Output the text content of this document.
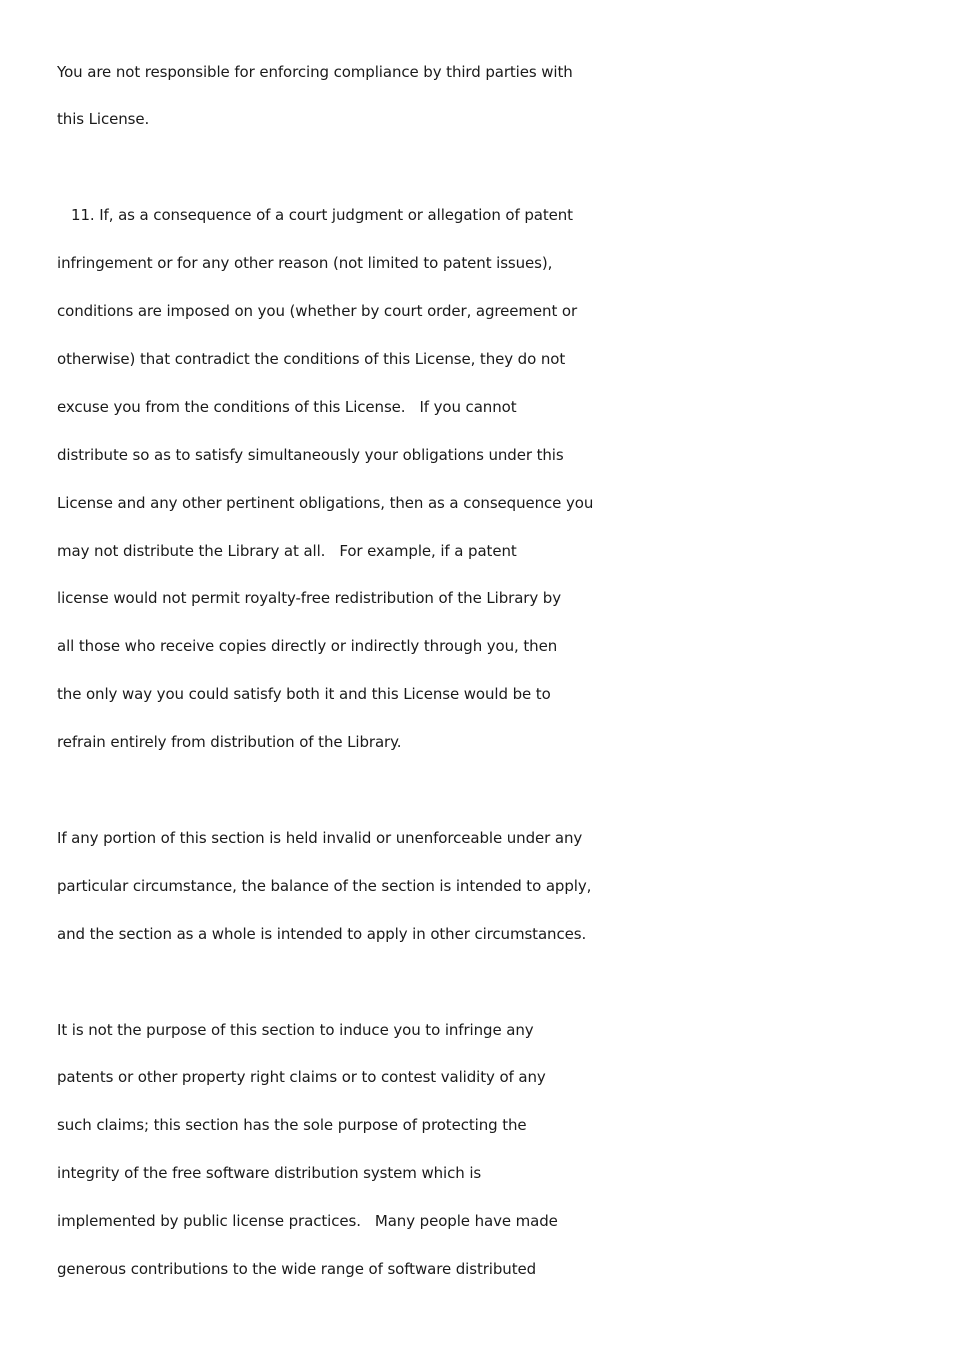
You are not responsible for enforcing compliance by third parties with
this License.
11. If, as a consequence of a court judgment or allegation of patent
infringement or for any other reason (not limited to patent issues),
conditions are imposed on you (whether by court order, agreement or
otherwise) that contradict the conditions of this License, they do not
excuse you from the conditions of this License.   If you cannot
distribute so as to satisfy simultaneously your obligations under this
License and any other pertinent obligations, then as a consequence you
may not distribute the Library at all.   For example, if a patent
license would not permit royalty-free redistribution of the Library by
all those who receive copies directly or indirectly through you, then
the only way you could satisfy both it and this License would be to
refrain entirely from distribution of the Library.
If any portion of this section is held invalid or unenforceable under any
particular circumstance, the balance of the section is intended to apply,
and the section as a whole is intended to apply in other circumstances.
It is not the purpose of this section to induce you to infringe any
patents or other property right claims or to contest validity of any
such claims; this section has the sole purpose of protecting the
integrity of the free software distribution system which is
implemented by public license practices.   Many people have made
generous contributions to the wide range of software distributed
